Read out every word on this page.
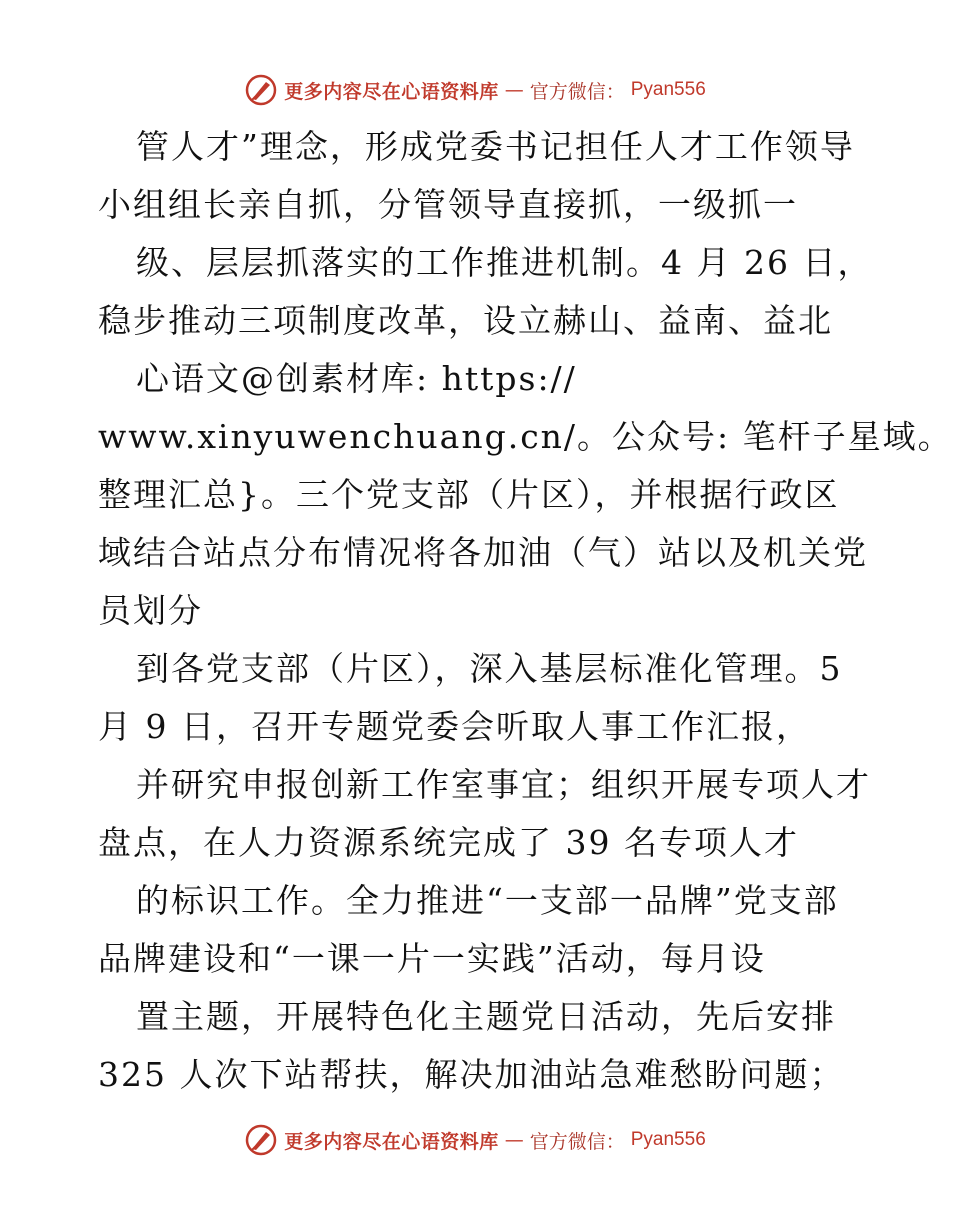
更多内容尽在心语资料库 — 官方微信： Pyan556
管人才”理念，形成党委书记担任人才工作领导
小组组长亲自抓，分管领导直接抓，一级抓一
级、层层抓落实的工作推进机制。4 月 26 日，
稳步推动三项制度改革，设立赫山、益南、益北
心语文@创素材库: https://
www.xinyuwenchuang.cn/。公众号: 笔杆子星域。
整理汇总}。三个党支部（片区），并根据行政区
域结合站点分布情况将各加油（气）站以及机关党
员划分
到各党支部（片区），深入基层标准化管理。5
月 9 日，召开专题党委会听取人事工作汇报，
并研究申报创新工作室事宜；组织开展专项人才
盘点，在人力资源系统完成了 39 名专项人才
的标识工作。全力推进“一支部一品牌”党支部
品牌建设和“一课一片一实践”活动，每月设
置主题，开展特色化主题党日活动，先后安排
325 人次下站帮扶，解决加油站急难愁盼问题；
更多内容尽在心语资料库 — 官方微信： Pyan556
